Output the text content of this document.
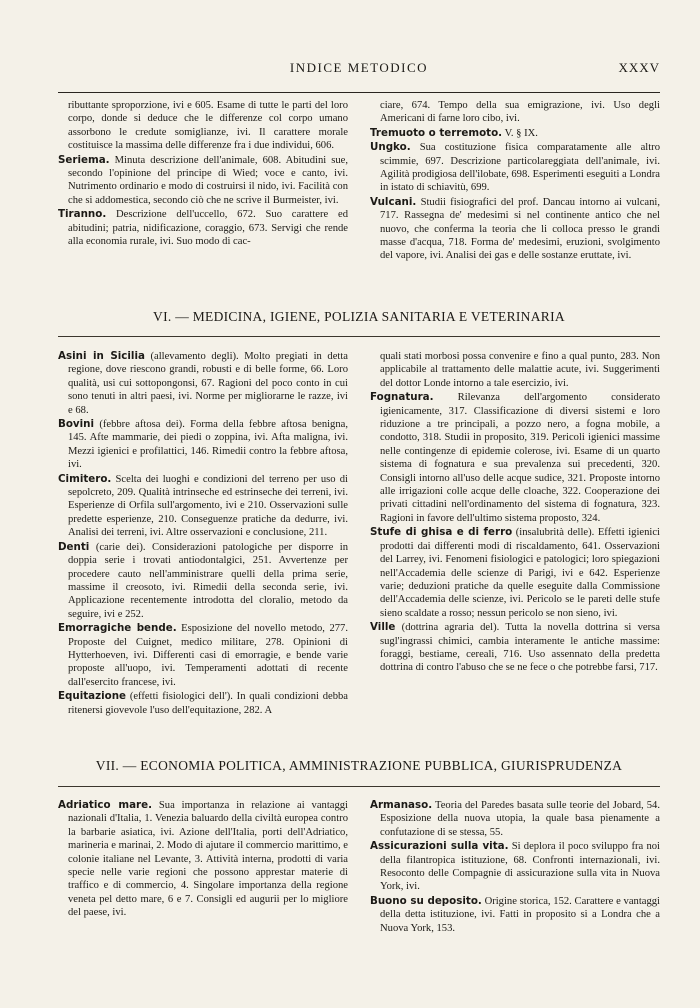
INDICE METODICO	XXXV

ributtante sproporzione, ivi e 605. Esame di tutte le parti del loro corpo, donde si deduce che le differenze col corpo umano assorbono le credute somiglianze, ivi. Il carattere morale costituisce la massima delle differenze fra i due individui, 606.

Seriema. Minuta descrizione dell'animale, 608. Abitudini sue, secondo l'opinione del principe di Wied; voce e canto, ivi. Nutrimento ordinario e modo di costruirsi il nido, ivi. Facilità con che si addomestica, secondo ciò che ne scrive il Burmeister, ivi.

Tiranno. Descrizione dell'uccello, 672. Suo carattere ed abitudini; patria, nidificazione, coraggio, 673. Servigi che rende alla economia rurale, ivi. Suo modo di cac-

ciare, 674. Tempo della sua emigrazione, ivi. Uso degli Americani di farne loro cibo, ivi.

Tremuoto o terremoto. V. § IX.

Ungko. Sua costituzione fisica comparatamente alle altro scimmie, 697. Descrizione particolareggiata dell'animale, ivi. Agilità prodigiosa dell'ilobate, 698. Esperimenti eseguiti a Londra in istato di schiavitù, 699.

Vulcani. Studii fisiografici del prof. Dancau intorno ai vulcani, 717. Rassegna de' medesimi si nel continente antico che nel nuovo, che conferma la teoria che li colloca presso le grandi masse d'acqua, 718. Forma de' medesimi, eruzioni, svolgimento del vapore, ivi. Analisi dei gas e delle sostanze eruttate, ivi.

VI. — MEDICINA, IGIENE, POLIZIA SANITARIA E VETERINARIA

Asini in Sicilia (allevamento degli). Molto pregiati in detta regione, dove riescono grandi, robusti e di belle forme, 66. Loro qualità, usi cui sottopongonsi, 67. Ragioni del poco conto in cui sono tenuti in altri paesi, ivi. Norme per migliorarne le razze, ivi e 68.

Bovini (febbre aftosa dei). Forma della febbre aftosa benigna, 145. Afte mammarie, dei piedi o zoppina, ivi. Afta maligna, ivi. Mezzi igienici e profilattici, 146. Rimedii contro la febbre aftosa, ivi.

Cimitero. Scelta dei luoghi e condizioni del terreno per uso di sepolcreto, 209. Qualità intrinseche ed estrinseche dei terreni, ivi. Esperienze di Orfila sull'argomento, ivi e 210. Osservazioni sulle predette esperienze, 210. Conseguenze pratiche da dedurre, ivi. Analisi dei terreni, ivi. Altre osservazioni e conclusione, 211.

Denti (carie dei). Considerazioni patologiche per disporre in doppia serie i trovati antiodontalgici, 251. Avvertenze per procedere cauto nell'amministrare quelli della prima serie, massime il creosoto, ivi. Rimedii della seconda serie, ivi. Applicazione recentemente introdotta del cloralio, metodo da seguire, ivi e 252.

Emorragiche bende. Esposizione del novello metodo, 277. Proposte del Cuignet, medico militare, 278. Opinioni di Hytterhoeven, ivi. Differenti casi di emorragie, e bende varie proposte all'uopo, ivi. Temperamenti adottati di recente dall'esercito francese, ivi.

Equitazione (effetti fisiologici dell'). In quali condizioni debba ritenersi giovevole l'uso dell'equitazione, 282. A

quali stati morbosi possa convenire e fino a qual punto, 283. Non applicabile al trattamento delle malattie acute, ivi. Suggerimenti del dottor Londe intorno a tale esercizio, ivi.

Fognatura. Rilevanza dell'argomento considerato igienicamente, 317. Classificazione di diversi sistemi e loro riduzione a tre principali, a pozzo nero, a fogna mobile, a condotto, 318. Studii in proposito, 319. Pericoli igienici massime nelle contingenze di epidemie colerose, ivi. Esame di un quarto sistema di fognatura e sua prevalenza sui precedenti, 320. Consigli intorno all'uso delle acque sudice, 321. Proposte intorno alle irrigazioni colle acque delle cloache, 322. Cooperazione dei privati cittadini nell'ordinamento del sistema di fognatura, 323. Ragioni in favore dell'ultimo sistema proposto, 324.

Stufe di ghisa e di ferro (insalubrità delle). Effetti igienici prodotti dai differenti modi di riscaldamento, 641. Osservazioni del Larrey, ivi. Fenomeni fisiologici e patologici; loro spiegazioni nell'Accademia delle scienze di Parigi, ivi e 642. Esperienze varie; deduzioni pratiche da quelle eseguite dalla Commissione dell'Accademia delle scienze, ivi. Pericolo se le pareti delle stufe sieno scaldate a rosso; nessun pericolo se non sieno, ivi.

Ville (dottrina agraria del). Tutta la novella dottrina si versa sugl'ingrassi chimici, cambia interamente le antiche massime: foraggi, bestiame, cereali, 716. Uso assennato della predetta dottrina di contro l'abuso che se ne fece o che potrebbe farsi, 717.

VII. — ECONOMIA POLITICA, AMMINISTRAZIONE PUBBLICA, GIURISPRUDENZA

Adriatico mare. Sua importanza in relazione ai vantaggi nazionali d'Italia, 1. Venezia baluardo della civiltà europea contro la barbarie asiatica, ivi. Azione dell'Italia, porti dell'Adriatico, marineria e marinai, 2. Modo di ajutare il commercio marittimo, e colonie italiane nel Levante, 3. Attività interna, prodotti di varia specie nelle varie regioni che possono apprestar materie di traffico e di commercio, 4. Singolare importanza della regione veneta pel detto mare, 6 e 7. Consigli ed augurii per lo migliore del paese, ivi.

Armanaso. Teoria del Paredes basata sulle teorie del Jobard, 54. Esposizione della nuova utopia, la quale basa pienamente a confutazione di se stessa, 55.

Assicurazioni sulla vita. Si deplora il poco sviluppo fra noi della filantropica istituzione, 68. Confronti internazionali, ivi. Resoconto delle Compagnie di assicurazione sulla vita in Nuova York, ivi.

Buono su deposito. Origine storica, 152. Carattere e vantaggi della detta istituzione, ivi. Fatti in proposito si a Londra che a Nuova York, 153.
